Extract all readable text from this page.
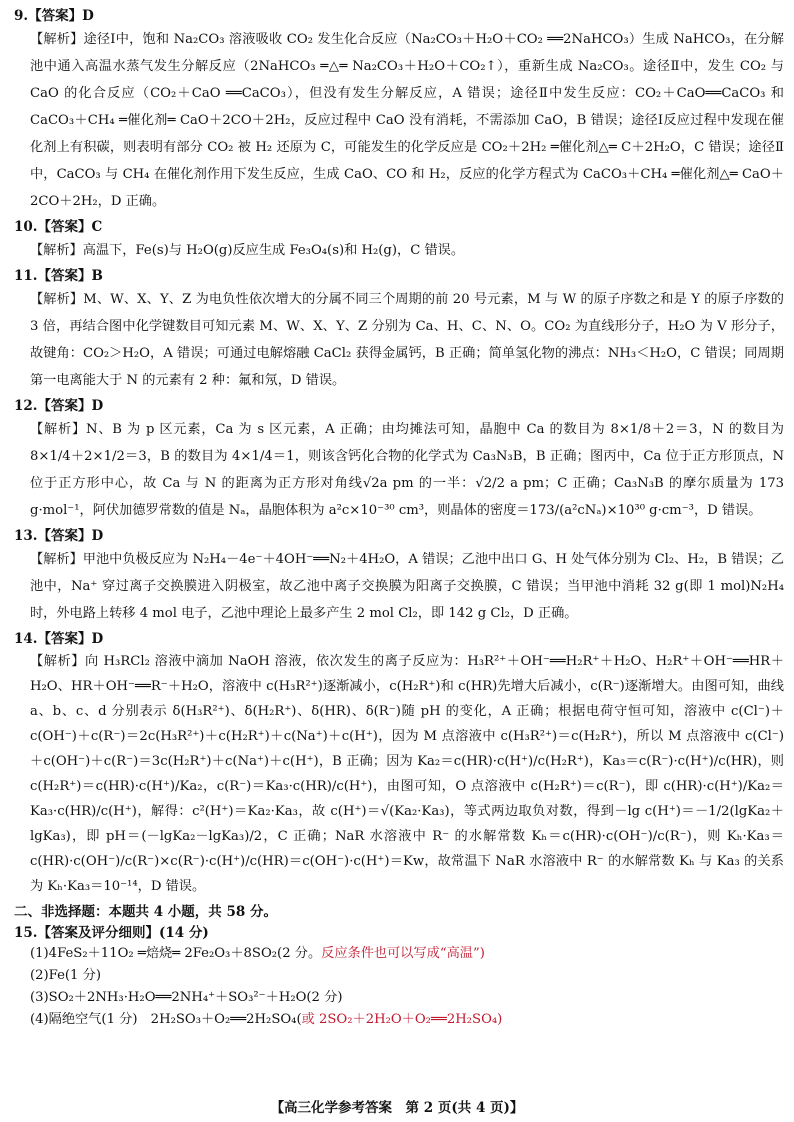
9.【答案】D

【解析】途径Ⅰ中，饱和 Na₂CO₃ 溶液吸收 CO₂ 发生化合反应（Na₂CO₃＋H₂O＋CO₂ ══2NaHCO₃）生成 NaHCO₃，在分解池中通入高温水蒸气发生分解反应（2NaHCO₃ ═△═ Na₂CO₃＋H₂O＋CO₂↑），重新生成 Na₂CO₃。途径Ⅱ中，发生 CO₂ 与 CaO 的化合反应（CO₂＋CaO ══CaCO₃），但没有发生分解反应，A 错误；途径Ⅱ中发生反应：CO₂＋CaO══CaCO₃ 和 CaCO₃＋CH₄ ═催化剂═ CaO＋2CO＋2H₂，反应过程中 CaO 没有消耗，不需添加 CaO，B 错误；途径Ⅰ反应过程中发现在催化剂上有积碳，则表明有部分 CO₂ 被 H₂ 还原为 C，可能发生的化学反应是 CO₂＋2H₂ ═催化剂△═ C＋2H₂O，C 错误；途径Ⅱ中，CaCO₃ 与 CH₄ 在催化剂作用下发生反应，生成 CaO、CO 和 H₂，反应的化学方程式为 CaCO₃＋CH₄ ═催化剂△═ CaO＋2CO＋2H₂，D 正确。

10.【答案】C

【解析】高温下，Fe(s)与 H₂O(g)反应生成 Fe₃O₄(s)和 H₂(g)，C 错误。

11.【答案】B

【解析】M、W、X、Y、Z 为电负性依次增大的分属不同三个周期的前 20 号元素，M 与 W 的原子序数之和是 Y 的原子序数的 3 倍，再结合图中化学键数目可知元素 M、W、X、Y、Z 分别为 Ca、H、C、N、O。CO₂ 为直线形分子，H₂O 为 V 形分子，故键角：CO₂＞H₂O，A 错误；可通过电解熔融 CaCl₂ 获得金属钙，B 正确；简单氢化物的沸点：NH₃＜H₂O，C 错误；同周期第一电离能大于 N 的元素有 2 种：氟和氖，D 错误。

12.【答案】D

【解析】N、B 为 p 区元素，Ca 为 s 区元素，A 正确；由均摊法可知，晶胞中 Ca 的数目为 8×1/8＋2＝3，N 的数目为 8×1/4＋2×1/2＝3，B 的数目为 4×1/4＝1，则该含钙化合物的化学式为 Ca₃N₃B，B 正确；图丙中，Ca 位于正方形顶点，N 位于正方形中心，故 Ca 与 N 的距离为正方形对角线√2a pm 的一半：√2/2 a pm；C 正确；Ca₃N₃B 的摩尔质量为 173 g·mol⁻¹，阿伏加德罗常数的值是 Nₐ，晶胞体积为 a²c×10⁻³⁰ cm³，则晶体的密度＝173/(a²cNₐ)×10³⁰ g·cm⁻³，D 错误。

13.【答案】D

【解析】甲池中负极反应为 N₂H₄－4e⁻＋4OH⁻══N₂＋4H₂O，A 错误；乙池中出口 G、H 处气体分别为 Cl₂、H₂，B 错误；乙池中，Na⁺ 穿过离子交换膜进入阴极室，故乙池中离子交换膜为阳离子交换膜，C 错误；当甲池中消耗 32 g(即 1 mol)N₂H₄ 时，外电路上转移 4 mol 电子，乙池中理论上最多产生 2 mol Cl₂，即 142 g Cl₂，D 正确。

14.【答案】D

【解析】向 H₃RCl₂ 溶液中滴加 NaOH 溶液，依次发生的离子反应为：H₃R²⁺＋OH⁻══H₂R⁺＋H₂O、H₂R⁺＋OH⁻══HR＋H₂O、HR＋OH⁻══R⁻＋H₂O，溶液中 c(H₃R²⁺)逐渐减小，c(H₂R⁺)和 c(HR)先增大后减小，c(R⁻)逐渐增大。由图可知，曲线 a、b、c、d 分别表示 δ(H₃R²⁺)、δ(H₂R⁺)、δ(HR)、δ(R⁻)随 pH 的变化，A 正确；根据电荷守恒可知，溶液中 c(Cl⁻)＋c(OH⁻)＋c(R⁻)＝2c(H₃R²⁺)＋c(H₂R⁺)＋c(Na⁺)＋c(H⁺)，因为 M 点溶液中 c(H₃R²⁺)＝c(H₂R⁺)，所以 M 点溶液中 c(Cl⁻)＋c(OH⁻)＋c(R⁻)＝3c(H₂R⁺)＋c(Na⁺)＋c(H⁺)，B 正确；因为 Ka₂＝c(HR)·c(H⁺)/c(H₂R⁺)，Ka₃＝c(R⁻)·c(H⁺)/c(HR)，则 c(H₂R⁺)＝c(HR)·c(H⁺)/Ka₂，c(R⁻)＝Ka₃·c(HR)/c(H⁺)，由图可知，O 点溶液中 c(H₂R⁺)＝c(R⁻)，即 c(HR)·c(H⁺)/Ka₂＝Ka₃·c(HR)/c(H⁺)，解得：c²(H⁺)＝Ka₂·Ka₃，故 c(H⁺)＝√(Ka₂·Ka₃)，等式两边取负对数，得到－lg c(H⁺)＝－1/2(lgKa₂＋lgKa₃)，即 pH＝(－lgKa₂－lgKa₃)/2，C 正确；NaR 水溶液中 R⁻ 的水解常数 Kₕ＝c(HR)·c(OH⁻)/c(R⁻)，则 Kₕ·Ka₃＝c(HR)·c(OH⁻)/c(R⁻)×c(R⁻)·c(H⁺)/c(HR)＝c(OH⁻)·c(H⁺)＝Kw，故常温下 NaR 水溶液中 R⁻ 的水解常数 Kₕ 与 Ka₃ 的关系为 Kₕ·Ka₃＝10⁻¹⁴，D 错误。

二、非选择题：本题共 4 小题，共 58 分。

15.【答案及评分细则】(14 分)

(1)4FeS₂＋11O₂ ═焙烧═ 2Fe₂O₃＋8SO₂(2 分。反应条件也可以写成“高温”)

(2)Fe(1 分)

(3)SO₂＋2NH₃·H₂O══2NH₄⁺＋SO₃²⁻＋H₂O(2 分)

(4)隔绝空气(1 分)　2H₂SO₃＋O₂══2H₂SO₄(或 2SO₂＋2H₂O＋O₂══2H₂SO₄)

【高三化学参考答案　第 2 页(共 4 页)】
